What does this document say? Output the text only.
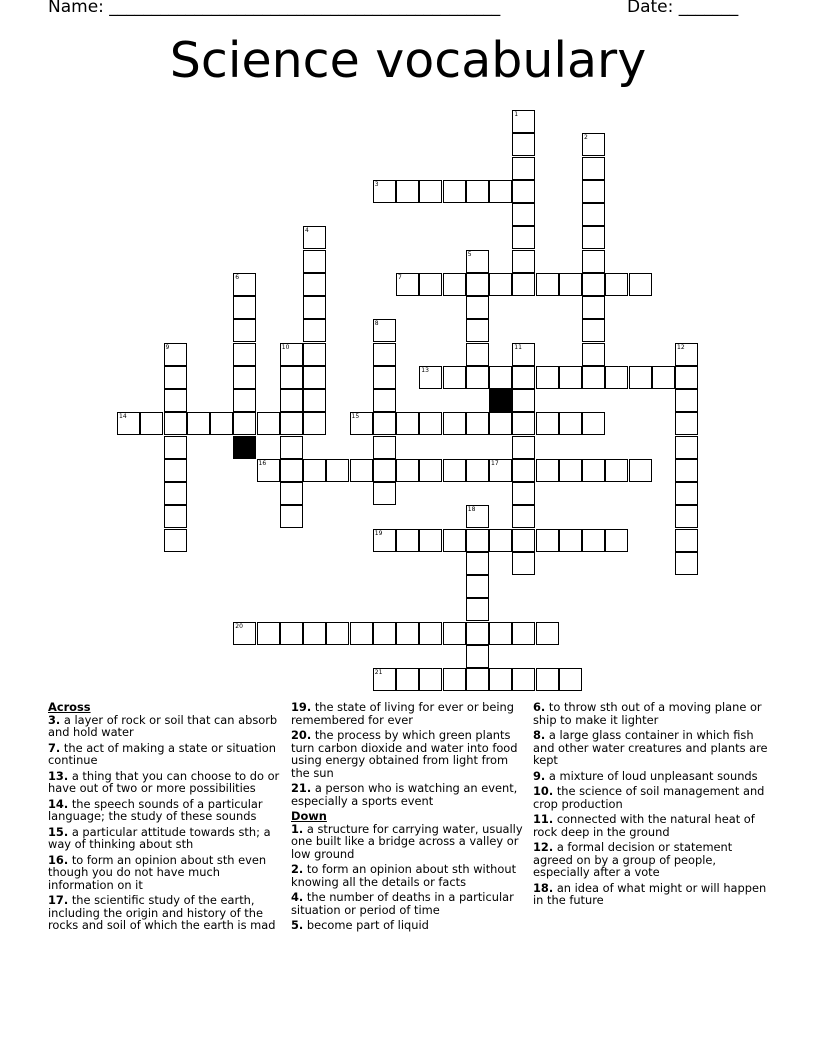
Name: ______________________________________________	Date: _______
Science vocabulary
1
2
3
4
5
6	7
8
9	10	11	12
13
14	15
16	17
18
19
20
21
Across
3. a layer of rock or soil that can absorb and hold water
7. the act of making a state or situation continue
13. a thing that you can choose to do or have out of two or more possibilities
14. the speech sounds of a particular language; the study of these sounds
15. a particular attitude towards sth; a way of thinking about sth
16. to form an opinion about sth even though you do not have much information on it
17. the scientific study of the earth, including the origin and history of the rocks and soil of which the earth is mad
19. the state of living for ever or being remembered for ever
20. the process by which green plants turn carbon dioxide and water into food using energy obtained from light from the sun
21. a person who is watching an event, especially a sports event
Down
1. a structure for carrying water, usually one built like a bridge across a valley or low ground
2. to form an opinion about sth without knowing all the details or facts
4. the number of deaths in a particular situation or period of time
5. become part of liquid
6. to throw sth out of a moving plane or ship to make it lighter
8. a large glass container in which fish and other water creatures and plants are kept
9. a mixture of loud unpleasant sounds
10. the science of soil management and crop production
11. connected with the natural heat of rock deep in the ground
12. a formal decision or statement agreed on by a group of people, especially after a vote
18. an idea of what might or will happen in the future
